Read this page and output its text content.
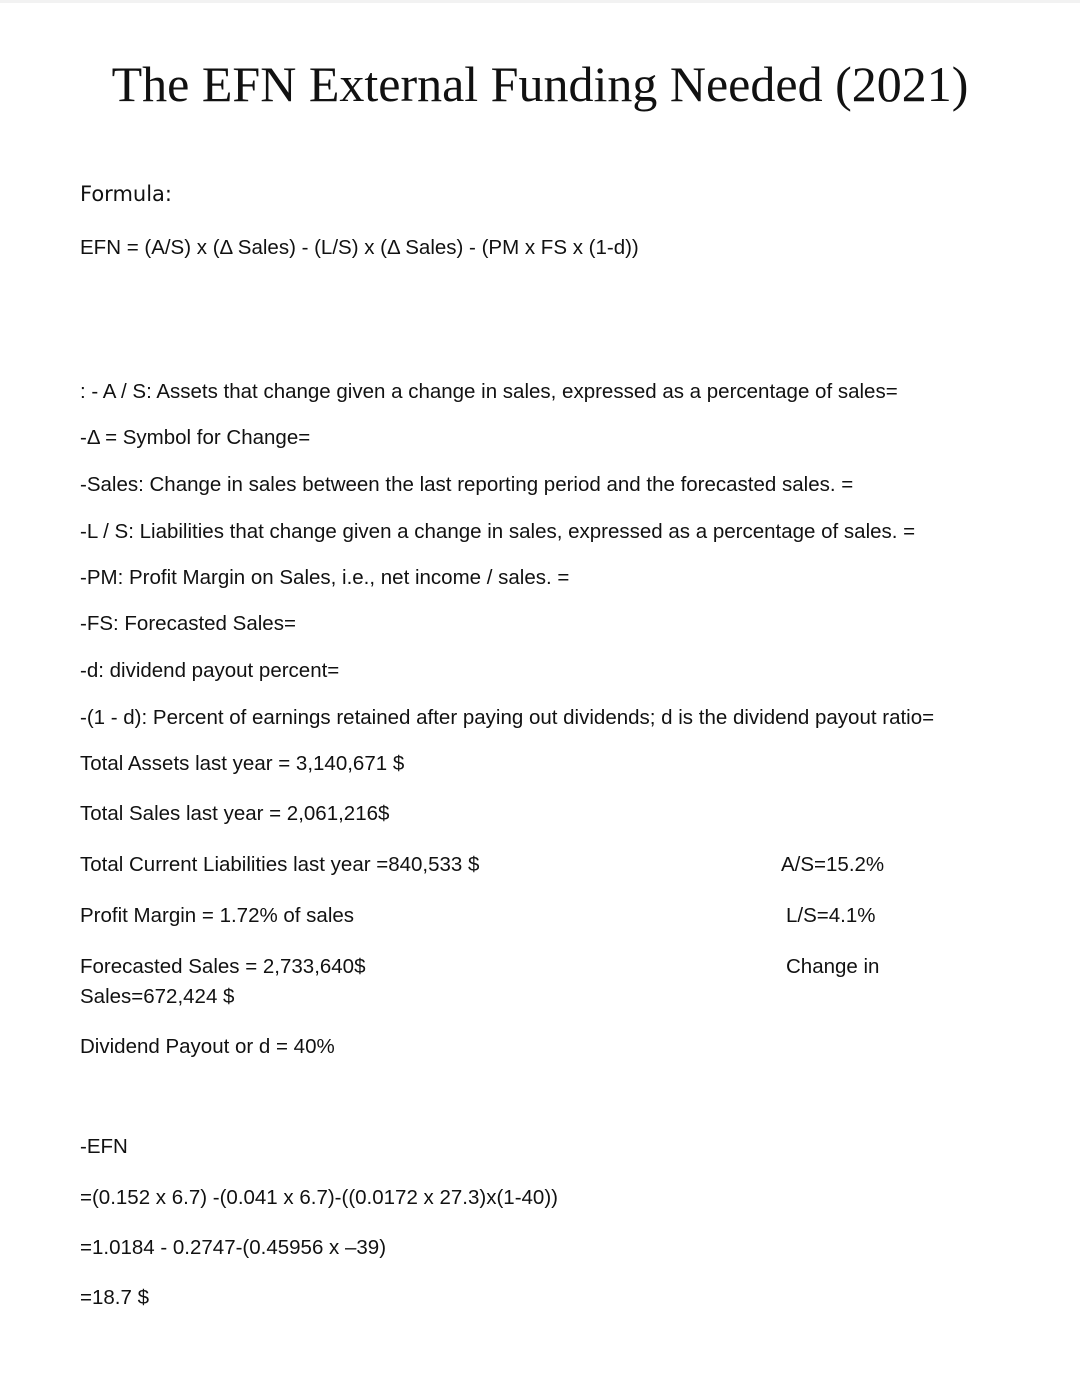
The EFN External Funding Needed (2021)
Formula:
EFN = (A/S) x (Δ Sales) - (L/S) x (Δ Sales) - (PM x FS x (1-d))
: - A / S: Assets that change given a change in sales, expressed as a percentage of sales=
-Δ = Symbol for Change=
-Sales: Change in sales between the last reporting period and the forecasted sales. =
-L / S: Liabilities that change given a change in sales, expressed as a percentage of sales. =
-PM: Profit Margin on Sales, i.e., net income / sales. =
-FS: Forecasted Sales=
-d: dividend payout percent=
-(1 - d): Percent of earnings retained after paying out dividends; d is the dividend payout ratio=
Total Assets last year = 3,140,671 $
Total Sales last year = 2,061,216$
Total Current Liabilities last year =840,533 $
Profit Margin = 1.72% of sales
Forecasted Sales = 2,733,640$
Sales=672,424 $
Dividend Payout or d = 40%
A/S=15.2%
L/S=4.1%
Change in
-EFN
=(0.152 x 6.7) -(0.041 x 6.7)-((0.0172 x 27.3)x(1-40))
=1.0184 - 0.2747-(0.45956 x –39)
=18.7 $
